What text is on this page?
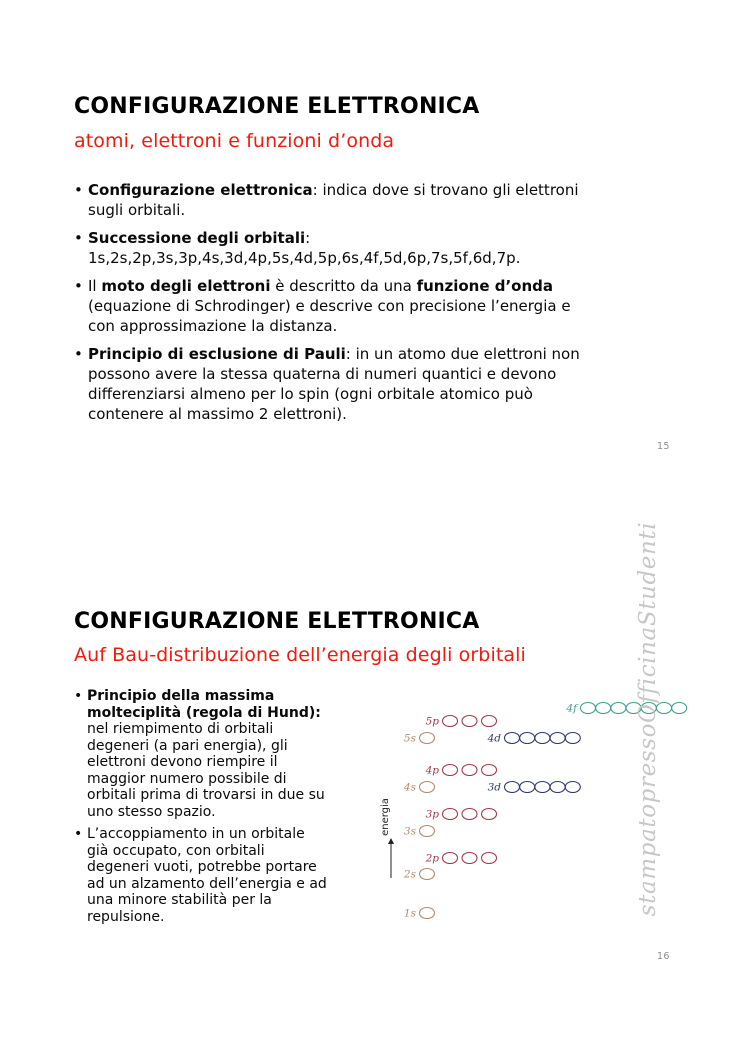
CONFIGURAZIONE ELETTRONICA
atomi, elettroni e funzioni d’onda
• Configurazione elettronica: indica dove si trovano gli elettroni
sugli orbitali.
• Successione degli orbitali:
1s,2s,2p,3s,3p,4s,3d,4p,5s,4d,5p,6s,4f,5d,6p,7s,5f,6d,7p.
• Il moto degli elettroni è descritto da una funzione d’onda
(equazione di Schrodinger) e descrive con precisione l’energia e
con approssimazione la distanza.
• Principio di esclusione di Pauli: in un atomo due elettroni non
possono avere la stessa quaterna di numeri quantici e devono
differenziarsi almeno per lo spin (ogni orbitale atomico può
contenere al massimo 2 elettroni).
15
CONFIGURAZIONE ELETTRONICA
Auf Bau-distribuzione dell’energia degli orbitali
• Principio della massima
molteciplità (regola di Hund):
nel riempimento di orbitali
degeneri (a pari energia), gli
elettroni devono riempire il
maggior numero possibile di
orbitali prima di trovarsi in due su
uno stesso spazio.
• L’accoppiamento in un orbitale
già occupato, con orbitali
degeneri vuoti, potrebbe portare
ad un alzamento dell’energia e ad
una minore stabilità per la
repulsione.
4f
5p
5s	4d
4p
4s	3d
3p
3s
2p
2s
1s
energia
16
stampatopressoOfficinaStudenti
